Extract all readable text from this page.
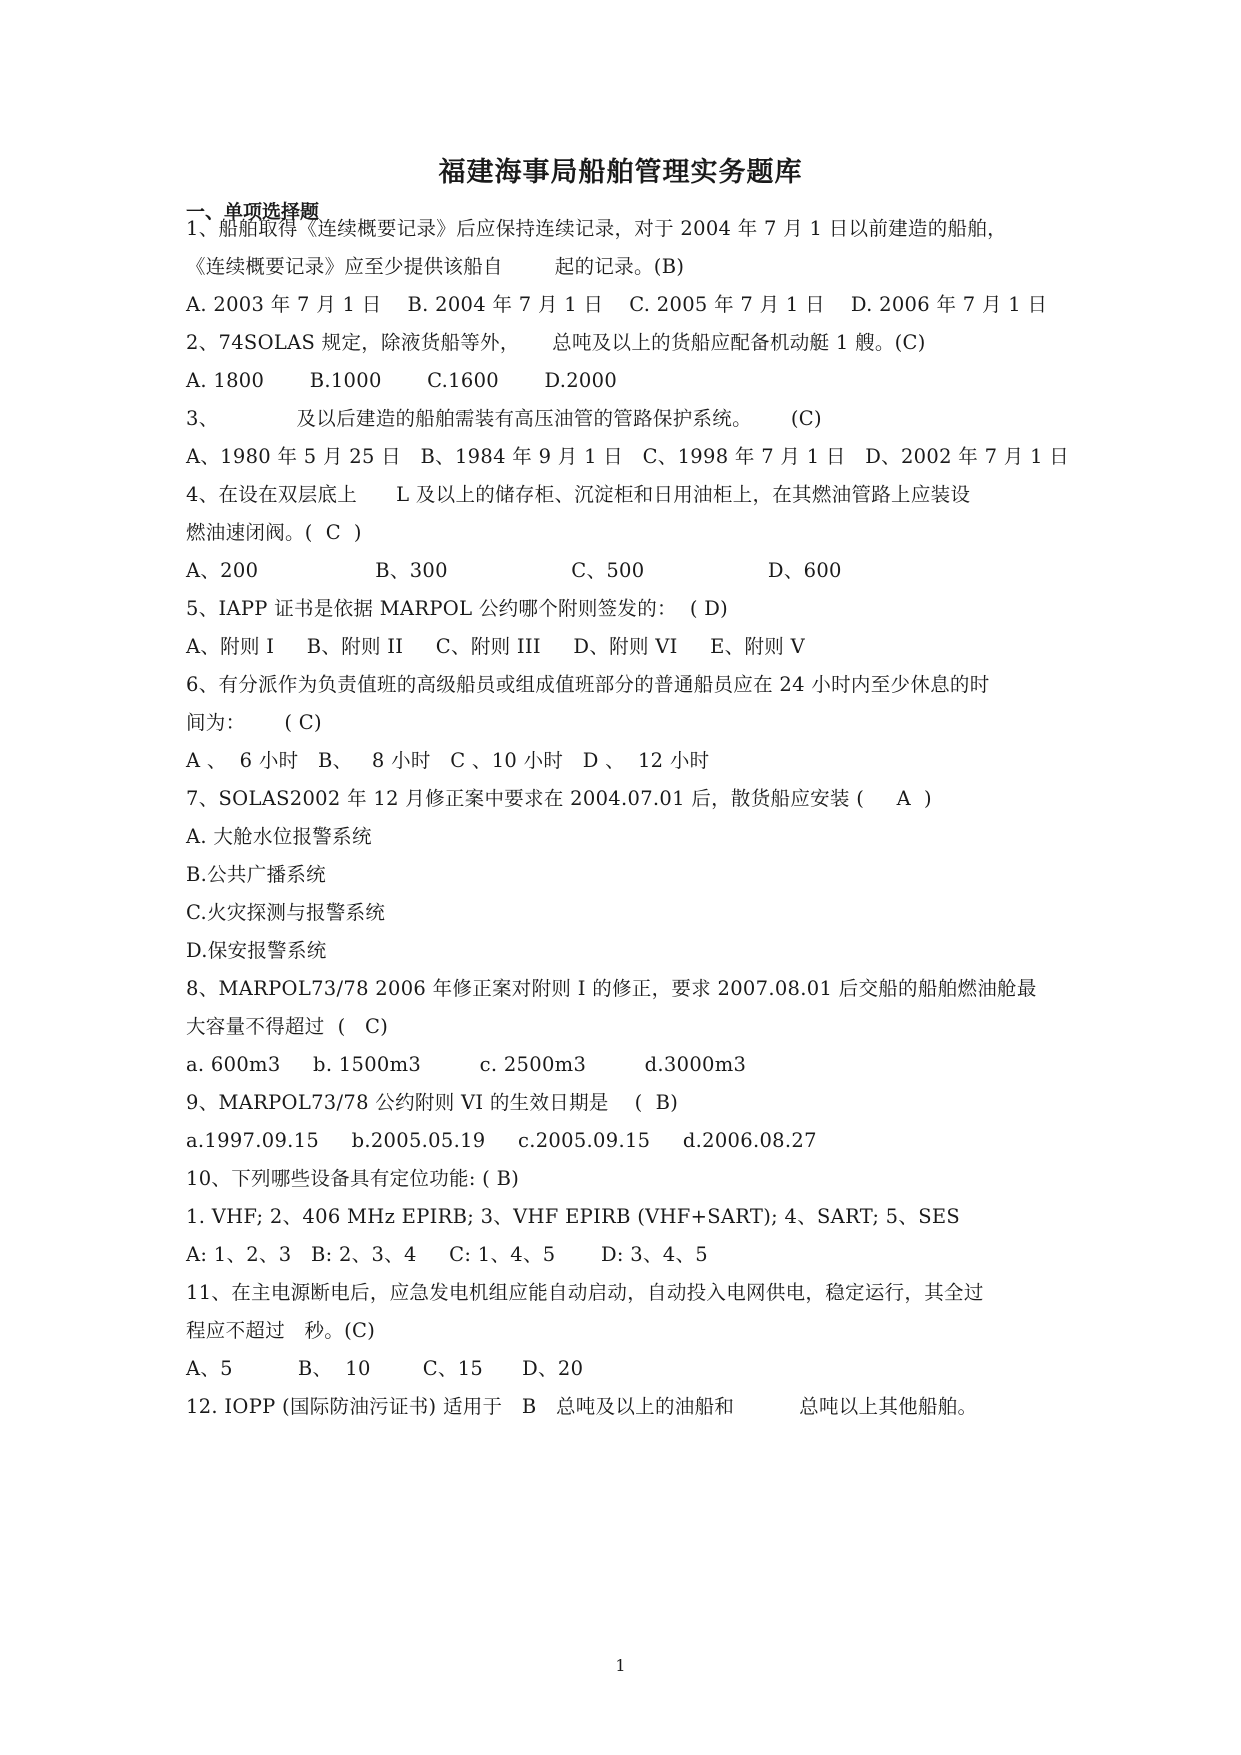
福建海事局船舶管理实务题库
一、单项选择题
1、船舶取得《连续概要记录》后应保持连续记录，对于 2004 年 7 月 1 日以前建造的船舶，
《连续概要记录》应至少提供该船自        起的记录。(B)
A. 2003 年 7 月 1 日    B. 2004 年 7 月 1 日    C. 2005 年 7 月 1 日    D. 2006 年 7 月 1 日
2、74SOLAS 规定，除液货船等外，     总吨及以上的货船应配备机动艇 1 艘。(C)
A. 1800       B.1000       C.1600       D.2000
3、            及以后建造的船舶需装有高压油管的管路保护系统。      (C)
A、1980 年 5 月 25 日   B、1984 年 9 月 1 日   C、1998 年 7 月 1 日   D、2002 年 7 月 1 日
4、在设在双层底上      L 及以上的储存柜、沉淀柜和日用油柜上，在其燃油管路上应装设
燃油速闭阀。(  C  )
A、200                  B、300                   C、500                   D、600
5、IAPP 证书是依据 MARPOL 公约哪个附则签发的：  ( D)
A、附则 I     B、附则 II     C、附则 III     D、附则 VI     E、附则 V
6、有分派作为负责值班的高级船员或组成值班部分的普通船员应在 24 小时内至少休息的时
间为：      ( C)
A 、  6 小时   B、   8 小时   C 、10 小时   D 、  12 小时
7、SOLAS2002 年 12 月修正案中要求在 2004.07.01 后，散货船应安装 (     A  )
A. 大舱水位报警系统
B.公共广播系统
C.火灾探测与报警系统
D.保安报警系统
8、MARPOL73/78 2006 年修正案对附则 I 的修正，要求 2007.08.01 后交船的船舶燃油舱最
大容量不得超过  (   C)
a. 600m3     b. 1500m3         c. 2500m3         d.3000m3
9、MARPOL73/78 公约附则 VI 的生效日期是    (  B)
a.1997.09.15     b.2005.05.19     c.2005.09.15     d.2006.08.27
10、下列哪些设备具有定位功能: ( B)
1. VHF; 2、406 MHz EPIRB; 3、VHF EPIRB (VHF+SART); 4、SART; 5、SES
A: 1、2、3   B: 2、3、4     C: 1、4、5       D: 3、4、5
11、在主电源断电后，应急发电机组应能自动启动，自动投入电网供电，稳定运行，其全过
程应不超过   秒。(C)
A、5          B、  10        C、15      D、20
12. IOPP (国际防油污证书) 适用于   B   总吨及以上的油船和          总吨以上其他船舶。
1
